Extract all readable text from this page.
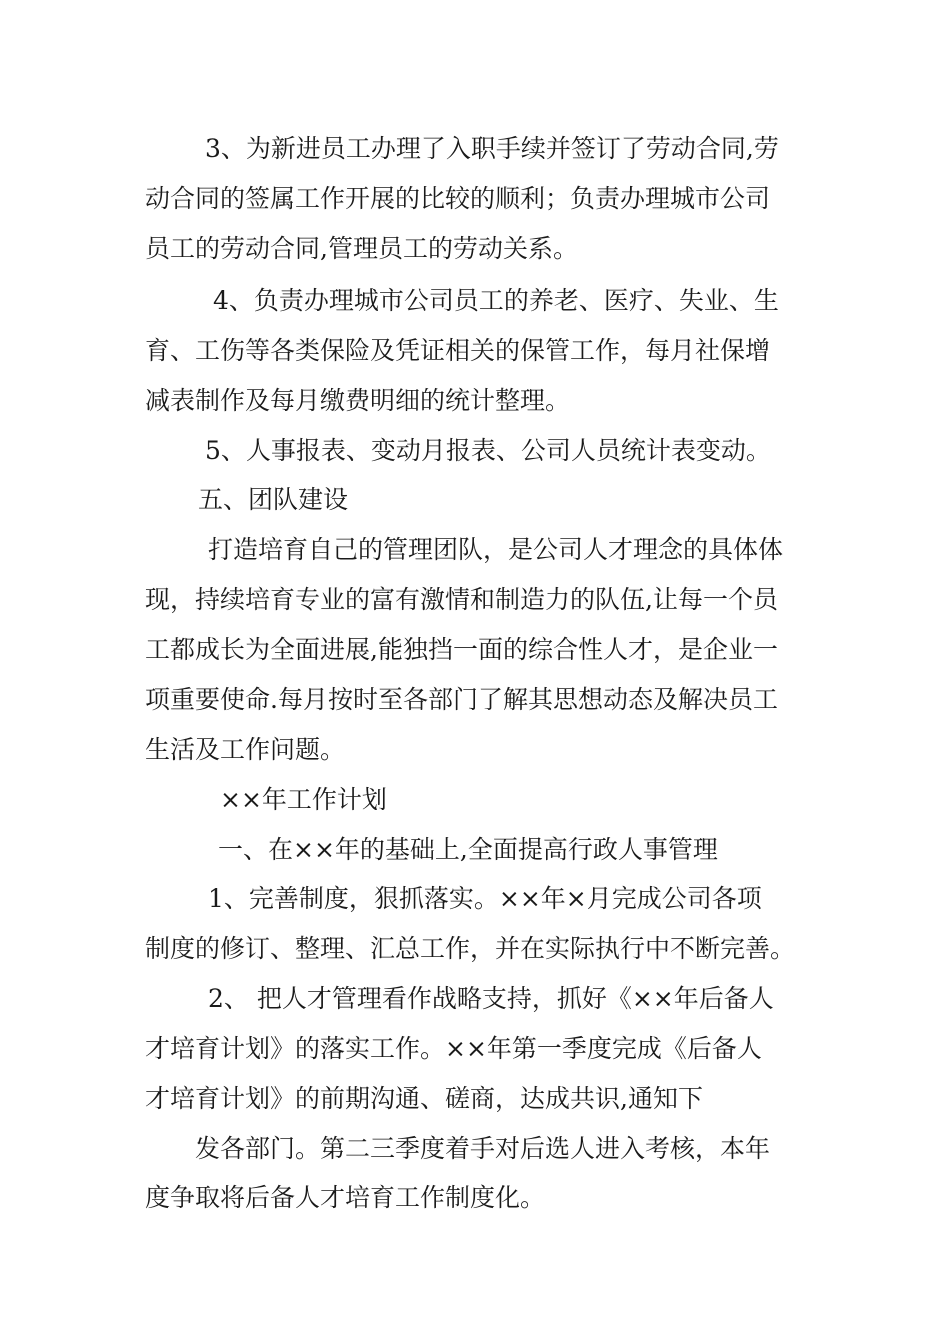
3、为新进员工办理了入职手续并签订了劳动合同,劳

动合同的签属工作开展的比较的顺利；负责办理城市公司

员工的劳动合同,管理员工的劳动关系。

4、负责办理城市公司员工的养老、医疗、失业、生

育、工伤等各类保险及凭证相关的保管工作，每月社保增

减表制作及每月缴费明细的统计整理。

5、人事报表、变动月报表、公司人员统计表变动。

五、团队建设

打造培育自己的管理团队，是公司人才理念的具体体

现，持续培育专业的富有激情和制造力的队伍,让每一个员

工都成长为全面进展,能独挡一面的综合性人才，是企业一

项重要使命.每月按时至各部门了解其思想动态及解决员工

生活及工作问题。

××年工作计划

一、在××年的基础上,全面提高行政人事管理

1、完善制度，狠抓落实。××年×月完成公司各项

制度的修订、整理、汇总工作，并在实际执行中不断完善。

2、 把人才管理看作战略支持，抓好《××年后备人

才培育计划》的落实工作。××年第一季度完成《后备人

才培育计划》的前期沟通、磋商，达成共识,通知下

发各部门。第二三季度着手对后选人进入考核，本年

度争取将后备人才培育工作制度化。
